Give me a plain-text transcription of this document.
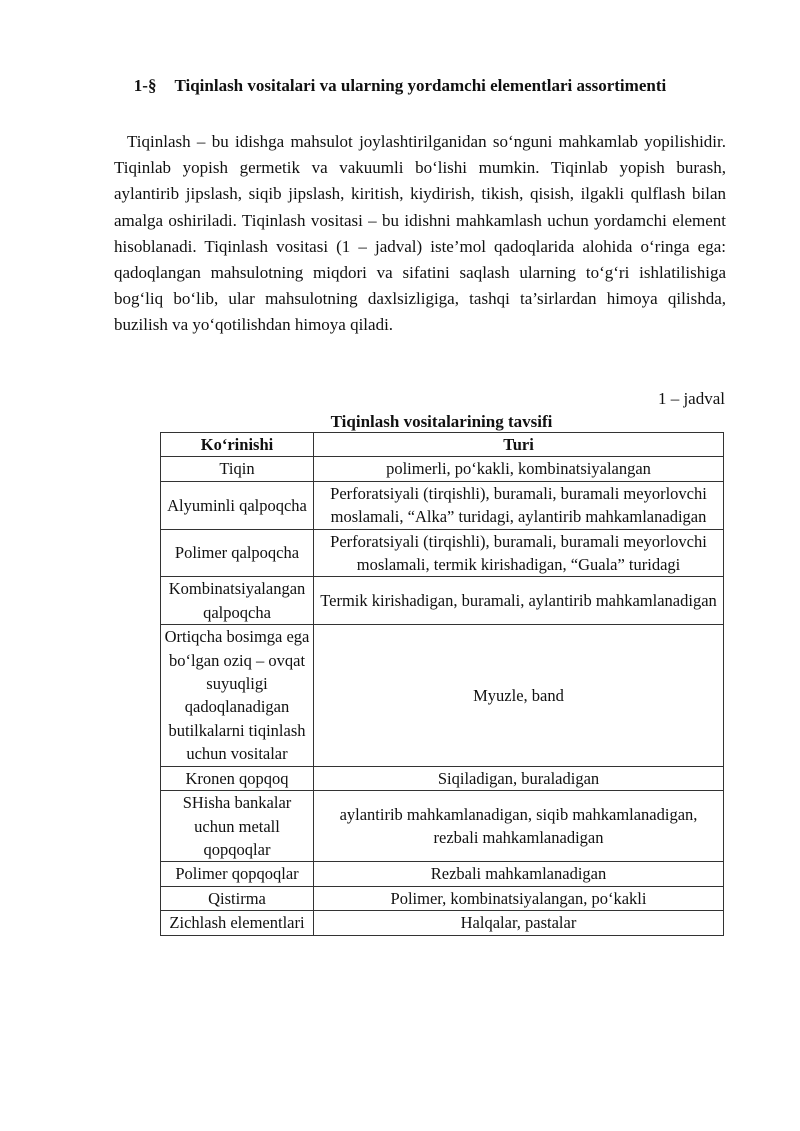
1-§ Tiqinlash vositalari va ularning yordamchi elementlari assortimenti

Tiqinlash – bu idishga mahsulot joylashtirilganidan so‘nguni mahkamlab yopilishidir. Tiqinlab yopish germetik va vakuumli bo‘lishi mumkin. Tiqinlab yopish burash, aylantirib jipslash, siqib jipslash, kiritish, kiydirish, tikish, qisish, ilgakli qulflash bilan amalga oshiriladi. Tiqinlash vositasi – bu idishni mahkamlash uchun yordamchi element hisoblanadi. Tiqinlash vositasi (1 – jadval) iste’mol qadoqlarida alohida o‘ringa ega: qadoqlangan mahsulotning miqdori va sifatini saqlash ularning to‘g‘ri ishlatilishiga bog‘liq bo‘lib, ular mahsulotning daxlsizligiga, tashqi ta’sirlardan himoya qilishda, buzilish va yo‘qotilishdan himoya qiladi.

1 – jadval

Tiqinlash vositalarining tavsifi

Ko‘rinishi	Turi
Tiqin	polimerli, po‘kakli, kombinatsiyalangan
Alyuminli qalpoqcha	Perforatsiyali (tirqishli), buramali, buramali meyorlovchi moslamali, “Alka” turidagi, aylantirib mahkamlanadigan
Polimer qalpoqcha	Perforatsiyali (tirqishli), buramali, buramali meyorlovchi moslamali, termik kirishadigan, “Guala” turidagi
Kombinatsiyalangan qalpoqcha	Termik kirishadigan, buramali, aylantirib mahkamlanadigan
Ortiqcha bosimga ega bo‘lgan oziq – ovqat suyuqligi qadoqlanadigan butilkalarni tiqinlash uchun vositalar	Myuzle, band
Kronen qopqoq	Siqiladigan, buraladigan
SHisha bankalar uchun metall qopqoqlar	aylantirib mahkamlanadigan, siqib mahkamlanadigan, rezbali mahkamlanadigan
Polimer qopqoqlar	Rezbali mahkamlanadigan
Qistirma	Polimer, kombinatsiyalangan, po‘kakli
Zichlash elementlari	Halqalar, pastalar
